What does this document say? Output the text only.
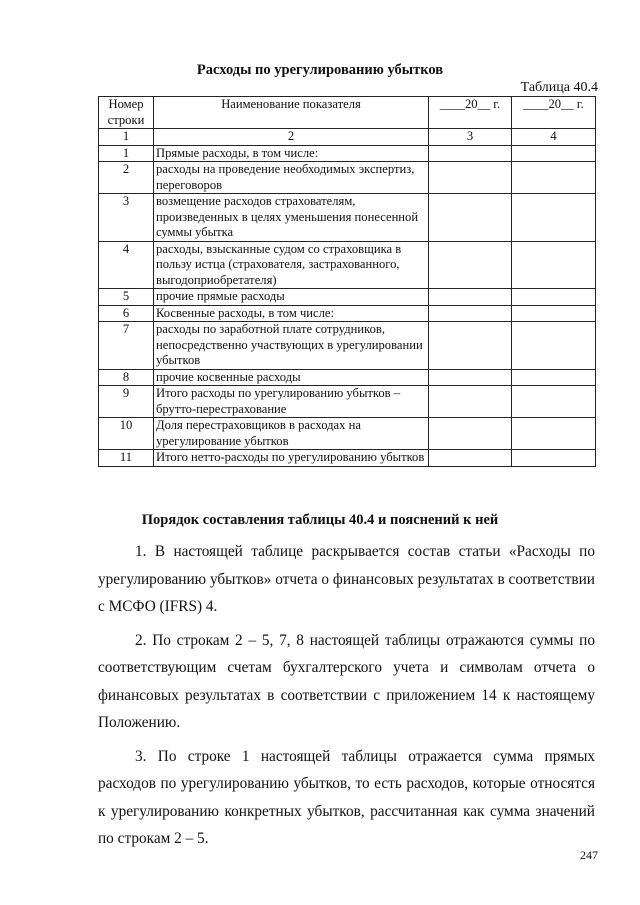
Расходы по урегулированию убытков
Таблица 40.4
Номер строки	Наименование показателя	____20__ г.	____20__ г.
1	2	3	4
1	Прямые расходы, в том числе:		
2	расходы на проведение необходимых экспертиз, переговоров		
3	возмещение расходов страхователям, произведенных в целях уменьшения понесенной суммы убытка		
4	расходы, взысканные судом со страховщика в пользу истца (страхователя, застрахованного, выгодоприобретателя)		
5	прочие прямые расходы		
6	Косвенные расходы, в том числе:		
7	расходы по заработной плате сотрудников, непосредственно участвующих в урегулировании убытков		
8	прочие косвенные расходы		
9	Итого расходы по урегулированию убытков – брутто-перестрахование		
10	Доля перестраховщиков в расходах на урегулирование убытков		
11	Итого нетто-расходы по урегулированию убытков		
Порядок составления таблицы 40.4 и пояснений к ней

1. В настоящей таблице раскрывается состав статьи «Расходы по урегулированию убытков» отчета о финансовых результатах в соответствии с МСФО (IFRS) 4.

2. По строкам 2 – 5, 7, 8 настоящей таблицы отражаются суммы по соответствующим счетам бухгалтерского учета и символам отчета о финансовых результатах в соответствии с приложением 14 к настоящему Положению.

3. По строке 1 настоящей таблицы отражается сумма прямых расходов по урегулированию убытков, то есть расходов, которые относятся к урегулированию конкретных убытков, рассчитанная как сумма значений по строкам 2 – 5.

247
